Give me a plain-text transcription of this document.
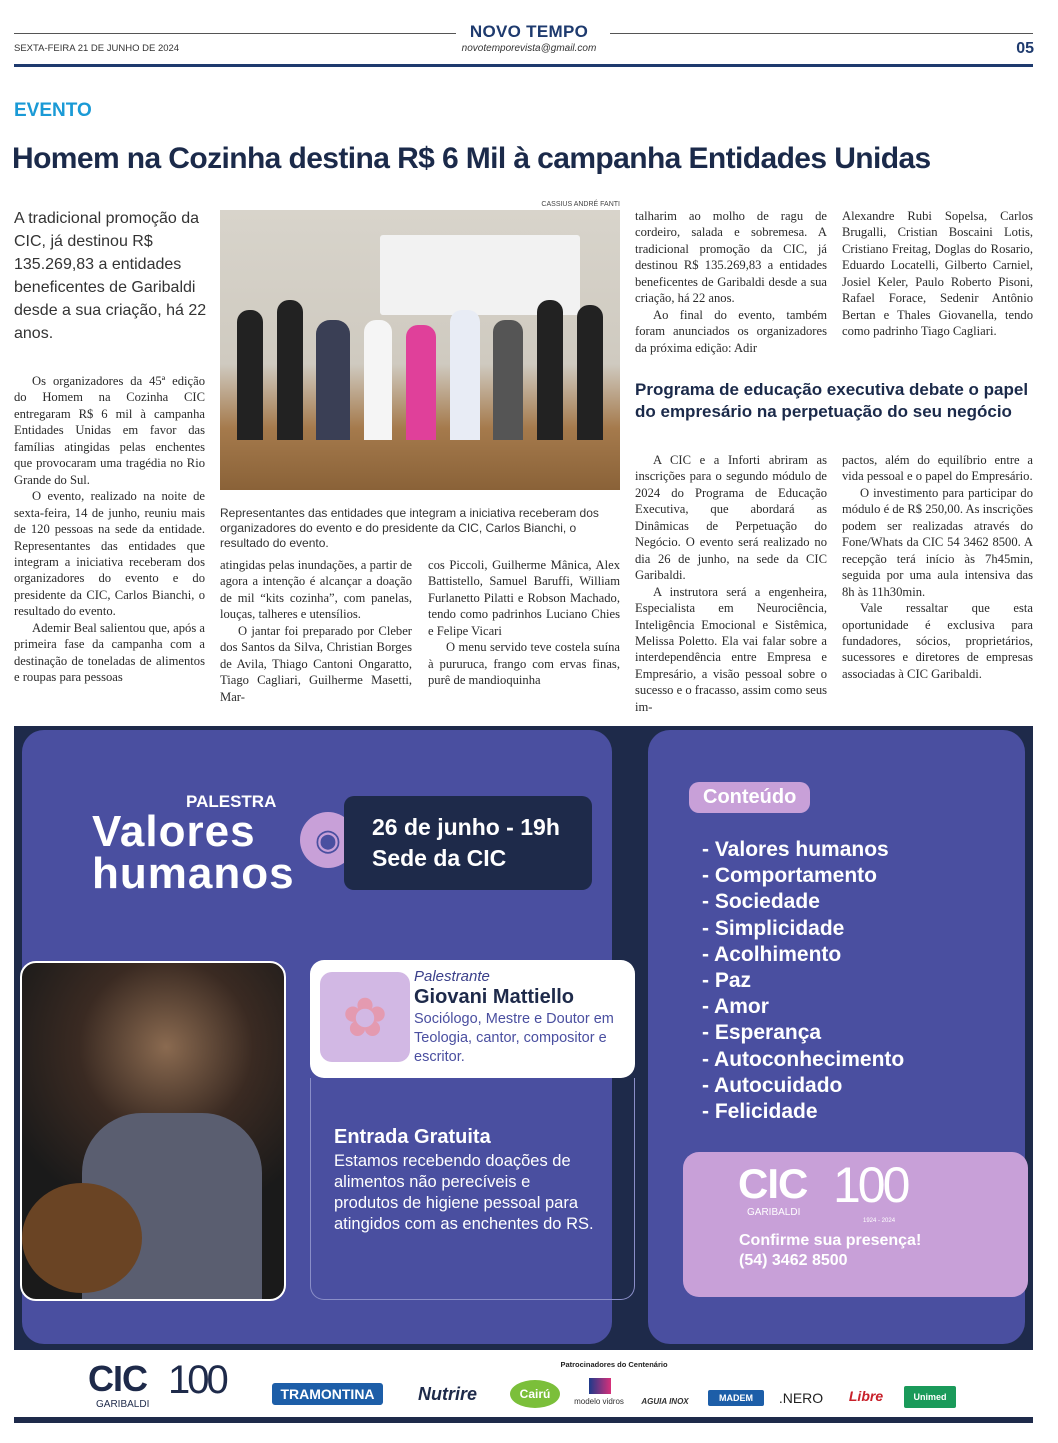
NOVO TEMPO
novotemporevista@gmail.com
SEXTA-FEIRA 21 DE JUNHO DE 2024	05
EVENTO
Homem na Cozinha destina R$ 6 Mil à campanha Entidades Unidas
A tradicional promoção da CIC, já destinou R$ 135.269,83 a entidades beneficentes de Garibaldi desde a sua criação, há 22 anos.

Os organizadores da 45ª edição do Homem na Cozinha CIC entregaram R$ 6 mil à campanha Entidades Unidas em favor das famílias atingidas pelas enchentes que provocaram uma tragédia no Rio Grande do Sul.

O evento, realizado na noite de sexta-feira, 14 de junho, reuniu mais de 120 pessoas na sede da entidade. Representantes das entidades que integram a iniciativa receberam dos organizadores do evento e do presidente da CIC, Carlos Bianchi, o resultado do evento.

Ademir Beal salientou que, após a primeira fase da campanha com a destinação de toneladas de alimentos e roupas para pessoas

CASSIUS ANDRÉ FANTI
Representantes das entidades que integram a iniciativa receberam dos organizadores do evento e do presidente da CIC, Carlos Bianchi, o resultado do evento.

atingidas pelas inundações, a partir de agora a intenção é alcançar a doação de mil “kits cozinha”, com panelas, louças, talheres e utensílios.

O jantar foi preparado por Cleber dos Santos da Silva, Christian Borges de Avila, Thiago Cantoni Ongaratto, Tiago Cagliari, Guilherme Masetti, Mar-

cos Piccoli, Guilherme Mânica, Alex Battistello, Samuel Baruffi, William Furlanetto Pilatti e Robson Machado, tendo como padrinhos Luciano Chies e Felipe Vicari

O menu servido teve costela suína à pururuca, frango com ervas finas, purê de mandioquinha

talharim ao molho de ragu de cordeiro, salada e sobremesa. A tradicional promoção da CIC, já destinou R$ 135.269,83 a entidades beneficentes de Garibaldi desde a sua criação, há 22 anos.

Ao final do evento, também foram anunciados os organizadores da próxima edição: Adir

Alexandre Rubi Sopelsa, Carlos Brugalli, Cristian Boscaini Lotis, Cristiano Freitag, Doglas do Rosario, Eduardo Locatelli, Gilberto Carniel, Josiel Keler, Paulo Roberto Pisoni, Rafael Forace, Sedenir Antônio Bertan e Thales Giovanella, tendo como padrinho Tiago Cagliari.

Programa de educação executiva debate o papel do empresário na perpetuação do seu negócio

A CIC e a Inforti abriram as inscrições para o segundo módulo de 2024 do Programa de Educação Executiva, que abordará as Dinâmicas de Perpetuação do Negócio. O evento será realizado no dia 26 de junho, na sede da CIC Garibaldi.

A instrutora será a engenheira, Especialista em Neurociência, Inteligência Emocional e Sistêmica, Melissa Poletto. Ela vai falar sobre a interdependência entre Empresa e Empresário, a visão pessoal sobre o sucesso e o fracasso, assim como seus im-

pactos, além do equilíbrio entre a vida pessoal e o papel do Empresário.

O investimento para participar do módulo é de R$ 250,00. As inscrições podem ser realizadas através do Fone/Whats da CIC 54 3462 8500. A recepção terá início às 7h45min, seguida por uma aula intensiva das 8h às 11h30min.

Vale ressaltar que esta oportunidade é exclusiva para fundadores, sócios, proprietários, sucessores e diretores de empresas associadas à CIC Garibaldi.

PALESTRA
Valores
humanos
◉	26 de junho - 19h
Sede da CIC
✿
Palestrante
Giovani Mattiello
Sociólogo, Mestre e Doutor em Teologia, cantor, compositor e escritor.
Entrada Gratuita
Estamos recebendo doações de alimentos não perecíveis e produtos de higiene pessoal para atingidos com as enchentes do RS.
Conteúdo
- Valores humanos
- Comportamento
- Sociedade
- Simplicidade
- Acolhimento
- Paz
- Amor
- Esperança
- Autoconhecimento
- Autocuidado
- Felicidade
CIC
GARIBALDI 100
1924 - 2024
Confirme sua presença!
(54) 3462 8500
Patrocinadores do Centenário
CIC
GARIBALDI
100	TRAMONTINA	Nutrire	Cairú	modelo vidros	AGUIA INOX	MADEM	.NERO	Libre	Unimed
